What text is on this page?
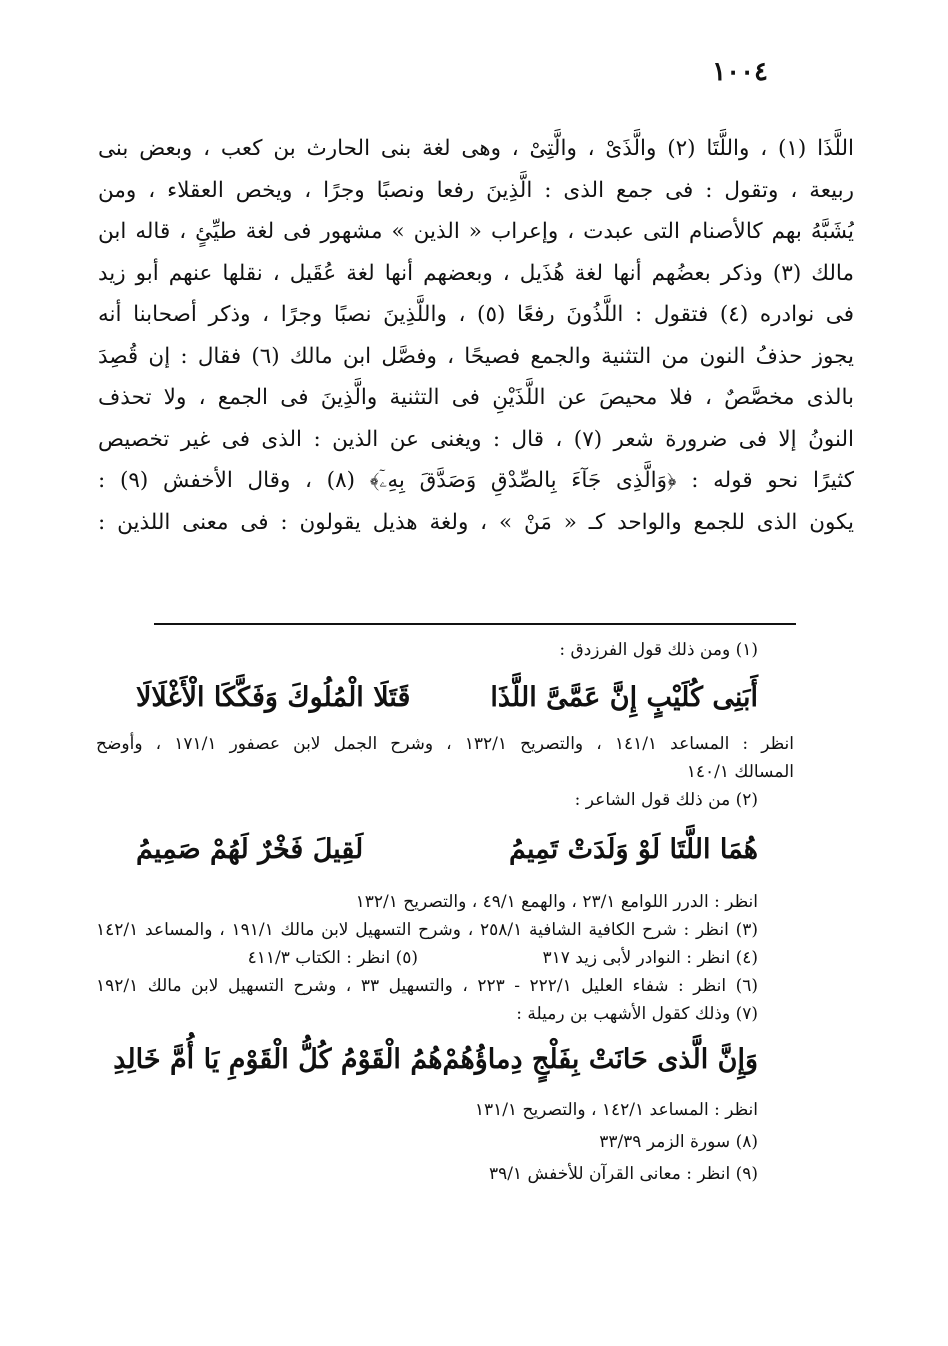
١٠٠٤
اللَّذَا (١) ، واللَّتَا (٢) والَّذَىْ ، والَّتِىْ ، وهى لغة بنى الحارث بن كعب ، وبعض بنى
ربيعة ، وتقول : فى جمع الذى : الَّذِينَ رفعا ونصبًا وجرًا ، ويخص العقلاء ، ومن
يُشَبَّهُ بهم كالأصنام التى عبدت ، وإعراب « الذين » مشهور فى لغة طيِّئٍ ، قاله ابن
مالك (٣) وذكر بعضُهم أنها لغة هُذَيل ، وبعضهم أنها لغة عُقَيل ، نقلها عنهم أبو زيد
فى نوادره (٤) فتقول : اللَّذُونَ رفعًا (٥) ، واللَّذِينَ نصبًا وجرًا ، وذكر أصحابنا أنه
يجوز حذفُ النون من التثنية والجمع فصيحًا ، وفصَّل ابن مالك (٦) فقال : إن قُصِدَ
بالذى مخصَّصٌ ، فلا محيصَ عن اللَّذَيْنِ فى التثنية والَّذِينَ فى الجمع ، ولا تحذف
النونُ إلا فى ضرورة شعر (٧) ، قال : ويغنى عن الذين : الذى فى غير تخصيص
كثيرًا نحو قوله : ﴿وَالَّذِى جَآءَ بِالصِّدْقِ وَصَدَّقَ بِهِۦٓ﴾ (٨) ، وقال الأخفش (٩) :
يكون الذى للجمع والواحد كـ « مَنْ » ، ولغة هذيل يقولون : فى معنى اللذين :
(١) ومن ذلك قول الفرزدق :
أَبَنِى كُلَيْبٍ إِنَّ عَمَّىَّ اللَّذَا
قَتَلَا الْمُلُوكَ وَفَكَّكَا الْأَغْلَالَا
انظر : المساعد ١٤١/١ ، والتصريح ١٣٢/١ ، وشرح الجمل لابن عصفور ١٧١/١ ، وأوضح
المسالك ١٤٠/١
(٢) من ذلك قول الشاعر :
هُمَا اللَّتَا لَوْ وَلَدَتْ تَمِيمُ
لَقِيلَ فَخْرٌ لَهُمْ صَمِيمُ
انظر : الدرر اللوامع ٢٣/١ ، والهمع ٤٩/١ ، والتصريح ١٣٢/١
(٣) انظر : شرح الكافية الشافية ٢٥٨/١ ، وشرح التسهيل لابن مالك ١٩١/١ ، والمساعد ١٤٢/١
(٤) انظر : النوادر لأبى زيد ٣١٧
(٥) انظر : الكتاب ٤١١/٣
(٦) انظر : شفاء العليل ٢٢٢/١ - ٢٢٣ ، والتسهيل ٣٣ ، وشرح التسهيل لابن مالك ١٩٢/١
(٧) وذلك كقول الأشهب بن رميلة :
وَإِنَّ الَّذى حَانَتْ بِفَلْجٍ دِماؤُهُمْ
هُمُ الْقَوْمُ كُلُّ الْقَوْمِ يَا أُمَّ خَالِدِ
انظر : المساعد ١٤٢/١ ، والتصريح ١٣١/١
(٨) سورة الزمر ٣٣/٣٩
(٩) انظر : معانى القرآن للأخفش ٣٩/١
